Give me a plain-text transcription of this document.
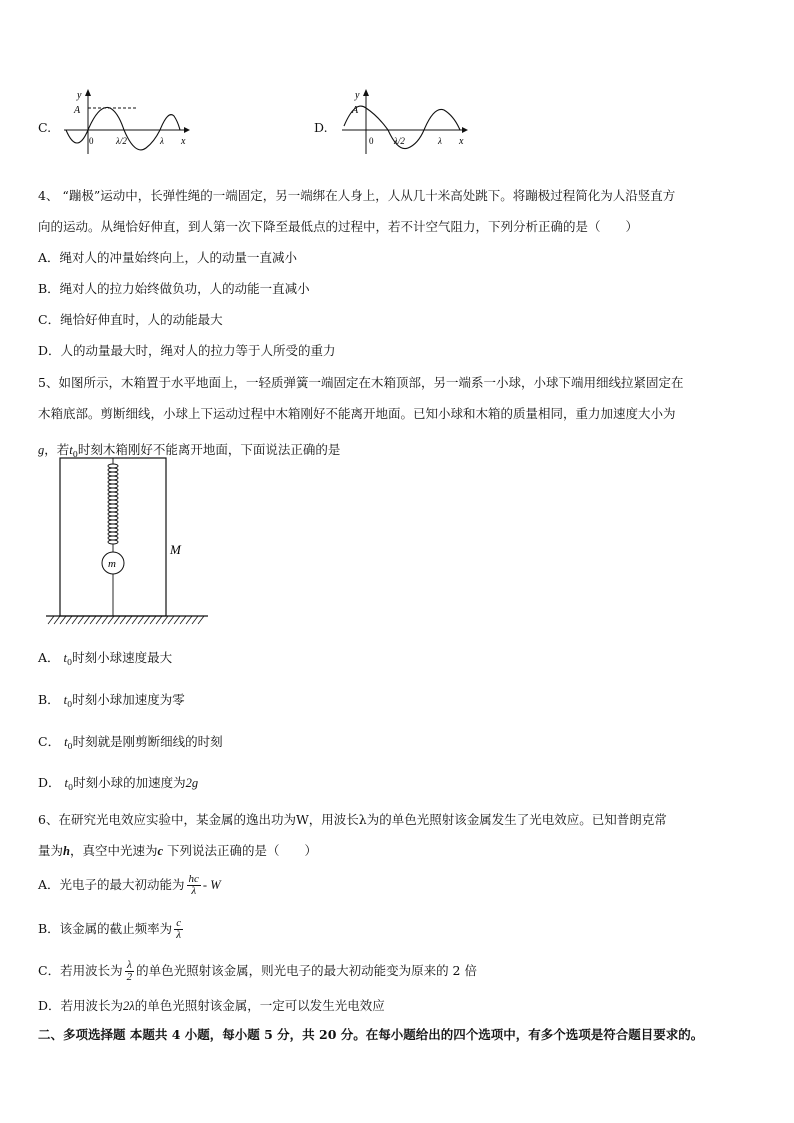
C.
y
A
0	λ/2	λ x
D.
y
A
0 λ/2	λ x
4、 “蹦极”运动中，长弹性绳的一端固定，另一端绑在人身上，人从几十米高处跳下。将蹦极过程简化为人沿竖直方
向的运动。从绳恰好伸直，到人第一次下降至最低点的过程中，若不计空气阻力，下列分析正确的是（　　）
A．绳对人的冲量始终向上，人的动量一直减小
B．绳对人的拉力始终做负功，人的动能一直减小
C．绳恰好伸直时，人的动能最大
D．人的动量最大时，绳对人的拉力等于人所受的重力
5、如图所示，木箱置于水平地面上，一轻质弹簧一端固定在木箱顶部，另一端系一小球，小球下端用细线拉紧固定在
木箱底部。剪断细线，小球上下运动过程中木箱刚好不能离开地面。已知小球和木箱的质量相同，重力加速度大小为
g，若$t_0$时刻木箱刚好不能离开地面，下面说法正确的是
m
M
A． $t_0$时刻小球速度最大
B． $t_0$时刻小球加速度为零
C． $t_0$时刻就是刚剪断细线的时刻
D． $t_0$时刻小球的加速度为2g
6、在研究光电效应实验中，某金属的逸出功为W，用波长λ为的单色光照射该金属发生了光电效应。已知普朗克常
量为h，真空中光速为c 下列说法正确的是（　　）
A．光电子的最大初动能为 $\frac{hc}{\lambda}$ - W
B．该金属的截止频率为 $\frac{c}{\lambda}$
C．若用波长为 $\frac{\lambda}{2}$ 的单色光照射该金属，则光电子的最大初动能变为原来的 2 倍
D．若用波长为2λ的单色光照射该金属，一定可以发生光电效应
二、多项选择题 本题共 4 小题，每小题 5 分，共 20 分。在每小题给出的四个选项中，有多个选项是符合题目要求的。
